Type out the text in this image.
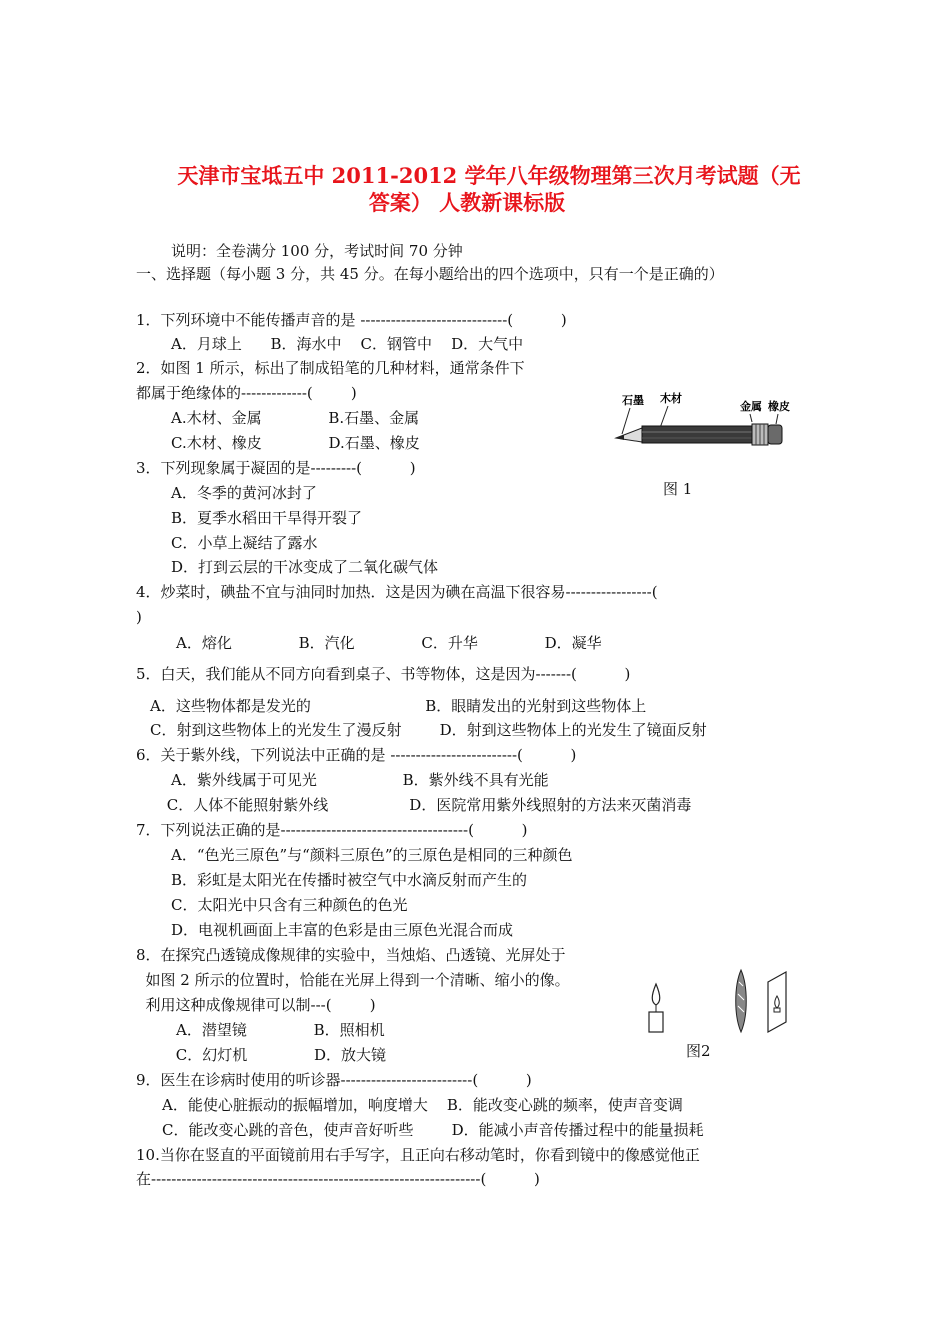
天津市宝坻五中 2011-2012 学年八年级物理第三次月考试题（无
答案） 人教新课标版
说明：全卷满分 100 分，考试时间 70 分钟
一、选择题（每小题 3 分，共 45 分。在每小题给出的四个选项中，只有一个是正确的）
1．下列环境中不能传播声音的是 -----------------------------(          )
A．月球上      B．海水中    C．钢管中    D．大气中
2．如图 1 所示，标出了制成铅笔的几种材料，通常条件下
都属于绝缘体的-------------(        )
A.木材、金属              B.石墨、金属
C.木材、橡皮              D.石墨、橡皮
3．下列现象属于凝固的是---------(          )
A．冬季的黄河冰封了
B．夏季水稻田干旱得开裂了
C．小草上凝结了露水
D．打到云层的干冰变成了二氧化碳气体
4．炒菜时，碘盐不宜与油同时加热．这是因为碘在高温下很容易-----------------(
)
A．熔化              B．汽化              C．升华              D．凝华
5．白天，我们能从不同方向看到桌子、书等物体，这是因为-------(          )
A．这些物体都是发光的                        B．眼睛发出的光射到这些物体上
C．射到这些物体上的光发生了漫反射        D．射到这些物体上的光发生了镜面反射
6．关于紫外线，下列说法中正确的是 -------------------------(          )
A．紫外线属于可见光                  B．紫外线不具有光能
C．人体不能照射紫外线                 D．医院常用紫外线照射的方法来灭菌消毒
7．下列说法正确的是-------------------------------------(          )
A．“色光三原色”与“颜料三原色”的三原色是相同的三种颜色
B．彩虹是太阳光在传播时被空气中水滴反射而产生的
C．太阳光中只含有三种颜色的色光
D．电视机画面上丰富的色彩是由三原色光混合而成
8．在探究凸透镜成像规律的实验中，当烛焰、凸透镜、光屏处于
如图 2 所示的位置时，恰能在光屏上得到一个清晰、缩小的像。
利用这种成像规律可以制---(        )
A．潜望镜              B．照相机
C．幻灯机              D．放大镜
9．医生在诊病时使用的听诊器--------------------------(          )
A．能使心脏振动的振幅增加，响度增大    B．能改变心跳的频率，使声音变调
C．能改变心跳的音色，使声音好听些        D．能减小声音传播过程中的能量损耗
10.当你在竖直的平面镜前用右手写字，且正向右移动笔时，你看到镜中的像感觉他正
在-----------------------------------------------------------------(          )
石墨 木材
金属 橡皮
图 1
图2
